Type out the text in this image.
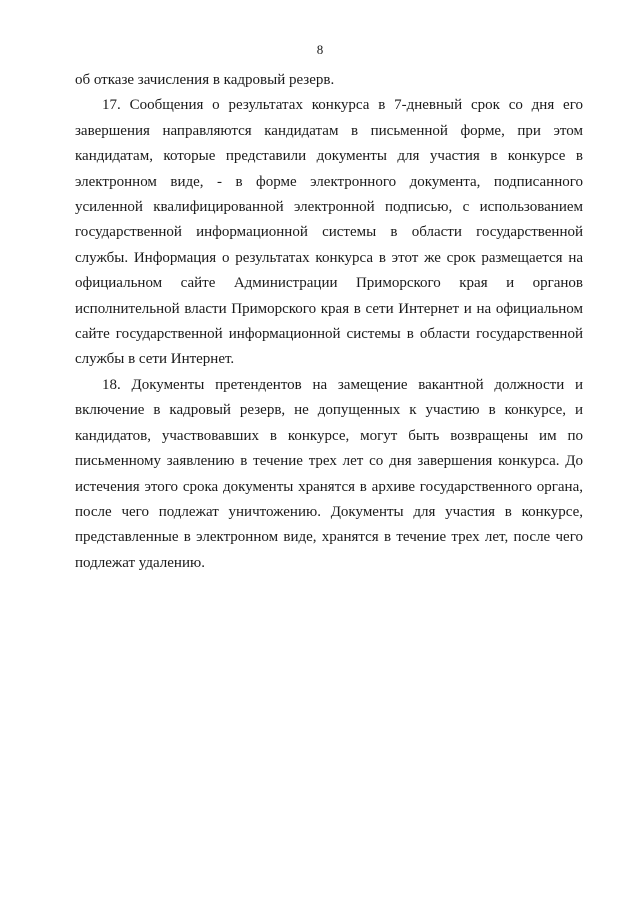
8

об отказе зачисления в кадровый резерв.

17. Сообщения о результатах конкурса в 7-дневный срок со дня его завершения направляются кандидатам в письменной форме, при этом кандидатам, которые представили документы для участия в конкурсе в электронном виде, - в форме электронного документа, подписанного усиленной квалифицированной электронной подписью, с использованием государственной информационной системы в области государственной службы. Информация о результатах конкурса в этот же срок размещается на официальном сайте Администрации Приморского края и органов исполнительной власти Приморского края в сети Интернет и на официальном сайте государственной информационной системы в области государственной службы в сети Интернет.

18. Документы претендентов на замещение вакантной должности и включение в кадровый резерв, не допущенных к участию в конкурсе, и кандидатов, участвовавших в конкурсе, могут быть возвращены им по письменному заявлению в течение трех лет со дня завершения конкурса. До истечения этого срока документы хранятся в архиве государственного органа, после чего подлежат уничтожению. Документы для участия в конкурсе, представленные в электронном виде, хранятся в течение трех лет, после чего подлежат удалению.
